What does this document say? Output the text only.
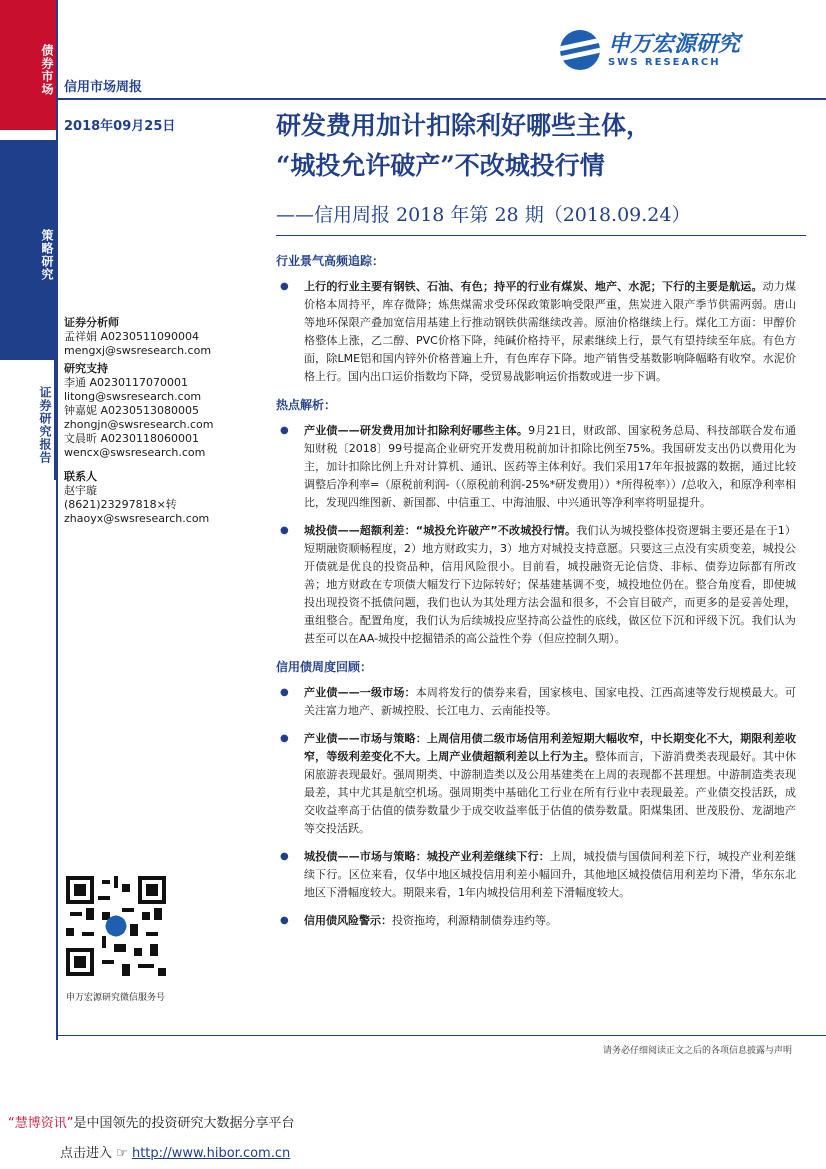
债券市场
策略研究
证券研究报告
申万宏源研究
SWS RESEARCH
信用市场周报
2018年09月25日	研发费用加计扣除利好哪些主体，
“城投允许破产”不改城投行情
——信用周报 2018 年第 28 期（2018.09.24）
证券分析师
孟祥娟 A0230511090004
mengxj@swsresearch.com
研究支持
李通 A0230117070001
litong@swsresearch.com
钟嘉妮 A0230513080005
zhongjn@swsresearch.com
文晨昕 A0230118060001
wencx@swsresearch.com
联系人
赵宇璇
(8621)23297818×转
zhaoyx@swsresearch.com
申万宏源研究微信服务号
行业景气高频追踪：
● 上行的行业主要有钢铁、石油、有色；持平的行业有煤炭、地产、水泥；下行的主要是航运。动力煤价格本周持平，库存微降；炼焦煤需求受环保政策影响受限严重，焦炭进入限产季节供需两弱。唐山等地环保限产叠加宽信用基建上行推动钢铁供需继续改善。原油价格继续上行。煤化工方面：甲醇价格整体上涨，乙二醇、PVC价格下降，纯碱价格持平，尿素继续上行，景气有望持续至年底。有色方面，除LME铝和国内锌外价格普遍上升，有色库存下降。地产销售受基数影响降幅略有收窄。水泥价格上行。国内出口运价指数均下降，受贸易战影响运价指数或进一步下调。
热点解析：
● 产业债——研发费用加计扣除利好哪些主体。9月21日，财政部、国家税务总局、科技部联合发布通知财税〔2018〕99号提高企业研究开发费用税前加计扣除比例至75%。我国研发支出仍以费用化为主，加计扣除比例上升对计算机、通讯、医药等主体利好。我们采用17年年报披露的数据，通过比较调整后净利率=（原税前利润-（（原税前利润-25%*研发费用））*所得税率））/总收入，和原净利率相比，发现四维图新、新国都、中信重工、中海油服、中兴通讯等净利率将明显提升。
● 城投债——超额利差：“城投允许破产”不改城投行情。我们认为城投整体投资逻辑主要还是在于1）短期融资顺畅程度，2）地方财政实力，3）地方对城投支持意愿。只要这三点没有实质变差，城投公开债就是优良的投资品种，信用风险很小。目前看，城投融资无论信贷、非标、债券边际都有所改善；地方财政在专项债大幅发行下边际转好；保基建基调不变，城投地位仍在。整合角度看，即使城投出现投资不抵债问题，我们也认为其处理方法会温和很多，不会盲目破产，而更多的是妥善处理，重组整合。配置角度，我们认为后续城投应坚持高公益性的底线，做区位下沉和评级下沉。我们认为甚至可以在AA-城投中挖掘错杀的高公益性个券（但应控制久期）。
信用债周度回顾：
● 产业债——一级市场：本周将发行的债券来看，国家核电、国家电投、江西高速等发行规模最大。可关注富力地产、新城控股、长江电力、云南能投等。
● 产业债——市场与策略：上周信用债二级市场信用利差短期大幅收窄，中长期变化不大，期限利差收窄，等级利差变化不大。上周产业债超额利差以上行为主。整体而言，下游消费类表现最好。其中休闲旅游表现最好。强周期类、中游制造类以及公用基建类在上周的表现都不甚理想。中游制造类表现最差，其中尤其是航空机场。强周期类中基础化工行业在所有行业中表现最差。产业债交投活跃，成交收益率高于估值的债券数量少于成交收益率低于估值的债券数量。阳煤集团、世茂股份、龙湖地产等交投活跃。
● 城投债——市场与策略：城投产业利差继续下行：上周，城投债与国债间利差下行，城投产业利差继续下行。区位来看，仅华中地区城投信用利差小幅回升，其他地区城投债信用利差均下滑，华东东北地区下滑幅度较大。期限来看，1年内城投信用利差下滑幅度较大。
● 信用债风险警示：投资拖垮，利源精制债券违约等。
请务必仔细阅读正文之后的各项信息披露与声明
“慧博资讯”是中国领先的投资研究大数据分享平台
点击进入 ☞ http://www.hibor.com.cn
